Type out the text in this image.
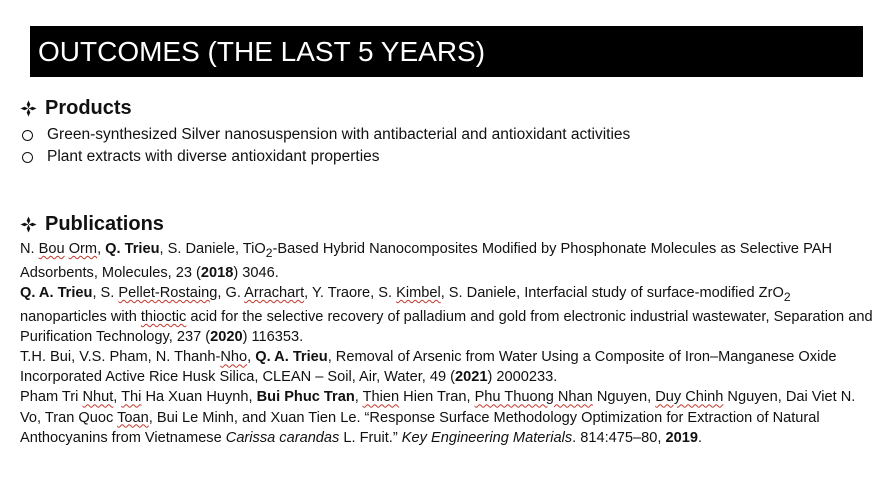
OUTCOMES (THE LAST 5 YEARS)
Products
Green-synthesized Silver nanosuspension with antibacterial and antioxidant activities
Plant extracts with diverse antioxidant properties
Publications

N. Bou Orm, Q. Trieu, S. Daniele, TiO$_2$-Based Hybrid Nanocomposites Modified by Phosphonate Molecules as Selective PAH Adsorbents, Molecules, 23 (2018) 3046.

Q. A. Trieu, S. Pellet-Rostaing, G. Arrachart, Y. Traore, S. Kimbel, S. Daniele, Interfacial study of surface-modified ZrO$_2$ nanoparticles with thioctic acid for the selective recovery of palladium and gold from electronic industrial wastewater, Separation and Purification Technology, 237 (2020) 116353.

T.H. Bui, V.S. Pham, N. Thanh-Nho, Q. A. Trieu, Removal of Arsenic from Water Using a Composite of Iron–Manganese Oxide Incorporated Active Rice Husk Silica, CLEAN – Soil, Air, Water, 49 (2021) 2000233.

Pham Tri Nhut, Thi Ha Xuan Huynh, Bui Phuc Tran, Thien Hien Tran, Phu Thuong Nhan Nguyen, Duy Chinh Nguyen, Dai Viet N. Vo, Tran Quoc Toan, Bui Le Minh, and Xuan Tien Le. “Response Surface Methodology Optimization for Extraction of Natural Anthocyanins from Vietnamese Carissa carandas L. Fruit.” Key Engineering Materials. 814:475–80, 2019.
